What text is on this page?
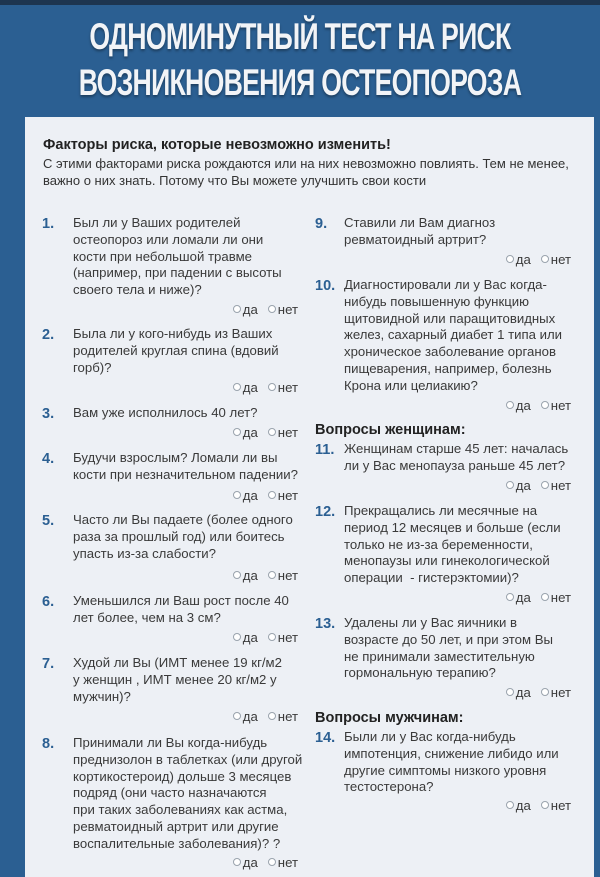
ОДНОМИНУТНЫЙ ТЕСТ НА РИСК
ВОЗНИКНОВЕНИЯ ОСТЕОПОРОЗА
Факторы риска, которые невозможно изменить!
С этими факторами риска рождаются или на них невозможно повлиять. Тем не менее,
важно о них знать. Потому что Вы можете улучшить свои кости
Вопросы женщинам:
Вопросы мужчинам:
1. Был ли у Ваших родителей
остеопороз или ломали ли они
кости при небольшой травме
(например, при падении с высоты
своего тела и ниже)?
да нет
2. Была ли у кого-нибудь из Ваших
родителей круглая спина (вдовий
горб)?
да нет
3. Вам уже исполнилось 40 лет?
да нет
4. Будучи взрослым? Ломали ли вы
кости при незначительном падении?
да нет
5. Часто ли Вы падаете (более одного
раза за прошлый год) или боитесь
упасть из-за слабости?
да нет
6. Уменьшился ли Ваш рост после 40
лет более, чем на 3 см?
да нет
7. Худой ли Вы (ИМТ менее 19 кг/м2
у женщин , ИМТ менее 20 кг/м2 у
мужчин)?
да нет
8. Принимали ли Вы когда-нибудь
преднизолон в таблетках (или другой
кортикостероид) дольше 3 месяцев
подряд (они часто назначаются
при таких заболеваниях как астма,
ревматоидный артрит или другие
воспалительные заболевания)? ?
да нет
9. Ставили ли Вам диагноз
ревматоидный артрит?
да нет
10. Диагностировали ли у Вас когда-
нибудь повышенную функцию
щитовидной или паращитовидных
желез, сахарный диабет 1 типа или
хроническое заболевание органов
пищеварения, например, болезнь
Крона или целиакию?
да нет
11. Женщинам старше 45 лет: началась
ли у Вас менопауза раньше 45 лет?
да нет
12. Прекращались ли месячные на
период 12 месяцев и больше (если
только не из-за беременности,
менопаузы или гинекологической
операции  - гистерэктомии)?
да нет
13. Удалены ли у Вас яичники в
возрасте до 50 лет, и при этом Вы
не принимали заместительную
гормональную терапию?
да нет
14. Были ли у Вас когда-нибудь
импотенция, снижение либидо или
другие симптомы низкого уровня
тестостерона?
да нет
